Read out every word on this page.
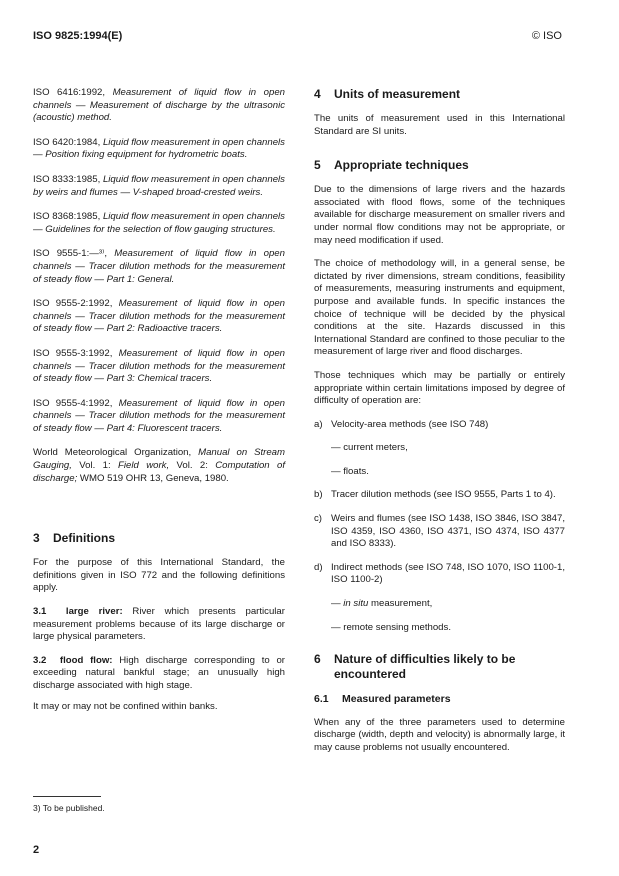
ISO 9825:1994(E)	© ISO
ISO 6416:1992, Measurement of liquid flow in open channels — Measurement of discharge by the ultrasonic (acoustic) method.
ISO 6420:1984, Liquid flow measurement in open channels — Position fixing equipment for hydrometric boats.
ISO 8333:1985, Liquid flow measurement in open channels by weirs and flumes — V-shaped broad-crested weirs.
ISO 8368:1985, Liquid flow measurement in open channels — Guidelines for the selection of flow gauging structures.
ISO 9555-1:—³⁾, Measurement of liquid flow in open channels — Tracer dilution methods for the measurement of steady flow — Part 1: General.
ISO 9555-2:1992, Measurement of liquid flow in open channels — Tracer dilution methods for the measurement of steady flow — Part 2: Radioactive tracers.
ISO 9555-3:1992, Measurement of liquid flow in open channels — Tracer dilution methods for the measurement of steady flow — Part 3: Chemical tracers.
ISO 9555-4:1992, Measurement of liquid flow in open channels — Tracer dilution methods for the measurement of steady flow — Part 4: Fluorescent tracers.
World Meteorological Organization, Manual on Stream Gauging, Vol. 1: Field work, Vol. 2: Computation of discharge; WMO 519 OHR 13, Geneva, 1980.
3	Definitions

For the purpose of this International Standard, the definitions given in ISO 772 and the following definitions apply.

3.1 large river: River which presents particular measurement problems because of its large discharge or large physical parameters.

3.2 flood flow: High discharge corresponding to or exceeding natural bankful stage; an unusually high discharge associated with high stage.

It may or may not be confined within banks.

4	Units of measurement

The units of measurement used in this International Standard are SI units.

5	Appropriate techniques

Due to the dimensions of large rivers and the hazards associated with flood flows, some of the techniques available for discharge measurement on smaller rivers and under normal flow conditions may not be appropriate, or may need modification if used.

The choice of methodology will, in a general sense, be dictated by river dimensions, stream conditions, feasibility of measurements, measuring instruments and equipment, purpose and available funds. In specific instances the choice of technique will be decided by the physical conditions at the site. Hazards discussed in this International Standard are confined to those peculiar to the measurement of large river and flood discharges.

Those techniques which may be partially or entirely appropriate within certain limitations imposed by degree of difficulty of operation are:

a) Velocity-area methods (see ISO 748)
— current meters,
— floats.
b) Tracer dilution methods (see ISO 9555, Parts 1 to 4).
c) Weirs and flumes (see ISO 1438, ISO 3846, ISO 3847, ISO 4359, ISO 4360, ISO 4371, ISO 4374, ISO 4377 and ISO 8333).
d) Indirect methods (see ISO 748, ISO 1070, ISO 1100-1, ISO 1100-2)
— in situ measurement,
— remote sensing methods.
6	Nature of difficulties likely to be encountered
6.1	Measured parameters

When any of the three parameters used to determine discharge (width, depth and velocity) is abnormally large, it may cause problems not usually encountered.

3) To be published.
2
